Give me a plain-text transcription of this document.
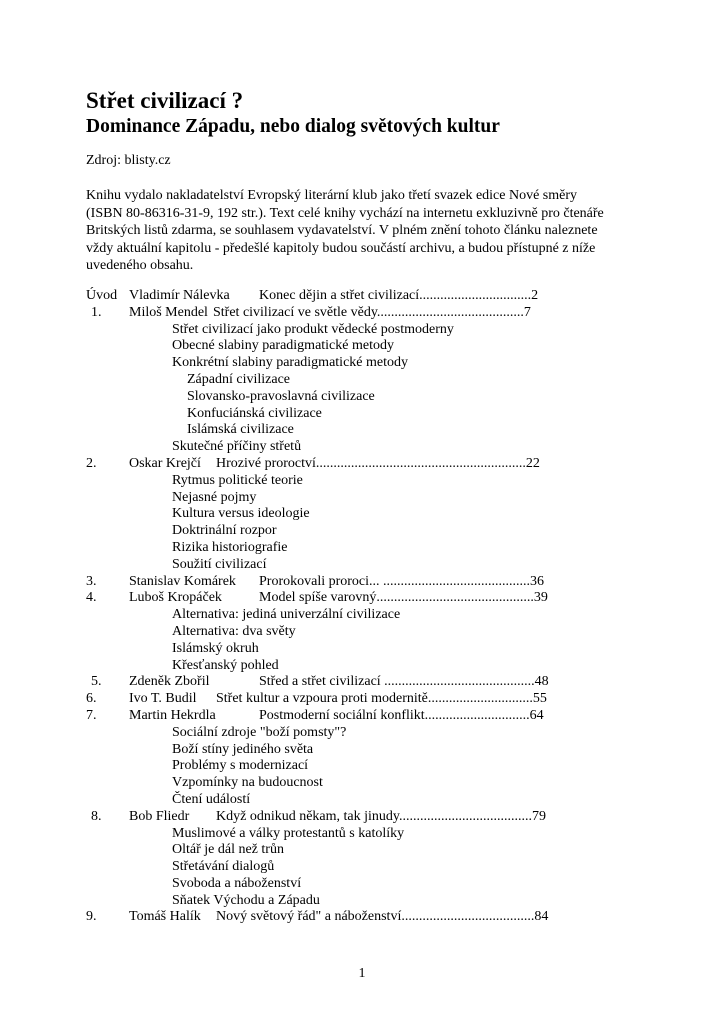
Střet civilizací ?
Dominance Západu, nebo dialog světových kultur
Zdroj: blisty.cz
Knihu vydalo nakladatelství Evropský literární klub jako třetí svazek edice Nové směry
(ISBN 80-86316-31-9, 192 str.). Text celé knihy vychází na internetu exkluzivně pro čtenáře
Britských listů zdarma, se souhlasem vydavatelství. V plném znění tohoto článku naleznete
vždy aktuální kapitolu - předešlé kapitoly budou součástí archivu, a budou přístupné z níže
uvedeného obsahu.
Úvod Vladimír Nálevka Konec dějin a střet civilizací................................2
1. Miloš Mendel Střet civilizací ve světle vědy..........................................7
Střet civilizací jako produkt vědecké postmoderny
Obecné slabiny paradigmatické metody
Konkrétní slabiny paradigmatické metody
Západní civilizace
Slovansko-pravoslavná civilizace
Konfuciánská civilizace
Islámská civilizace
Skutečné příčiny střetů
2. Oskar Krejčí Hrozivé proroctví............................................................22
Rytmus politické teorie
Nejasné pojmy
Kultura versus ideologie
Doktrinální rozpor
Rizika historiografie
Soužití civilizací
3. Stanislav Komárek Prorokovali proroci... ..........................................36
4. Luboš Kropáček	Model spíše varovný.............................................39
Alternativa: jediná univerzální civilizace
Alternativa: dva světy
Islámský okruh
Křesťanský pohled
5. Zdeněk Zbořil	Střed a střet civilizací ...........................................48
6. Ivo T. Budil Střet kultur a vzpoura proti modernitě..............................55
7. Martin Hekrdla	Postmoderní sociální konflikt..............................64
Sociální zdroje "boží pomsty"?
Boží stíny jediného světa
Problémy s modernizací
Vzpomínky na budoucnost
Čtení událostí
8. Bob Fliedr Když odnikud někam, tak jinudy......................................79
Muslimové a války protestantů s katolíky
Oltář je dál než trůn
Střetávání dialogů
Svoboda a náboženství
Sňatek Východu a Západu
9. Tomáš Halík Nový světový řád" a náboženství......................................84
1
